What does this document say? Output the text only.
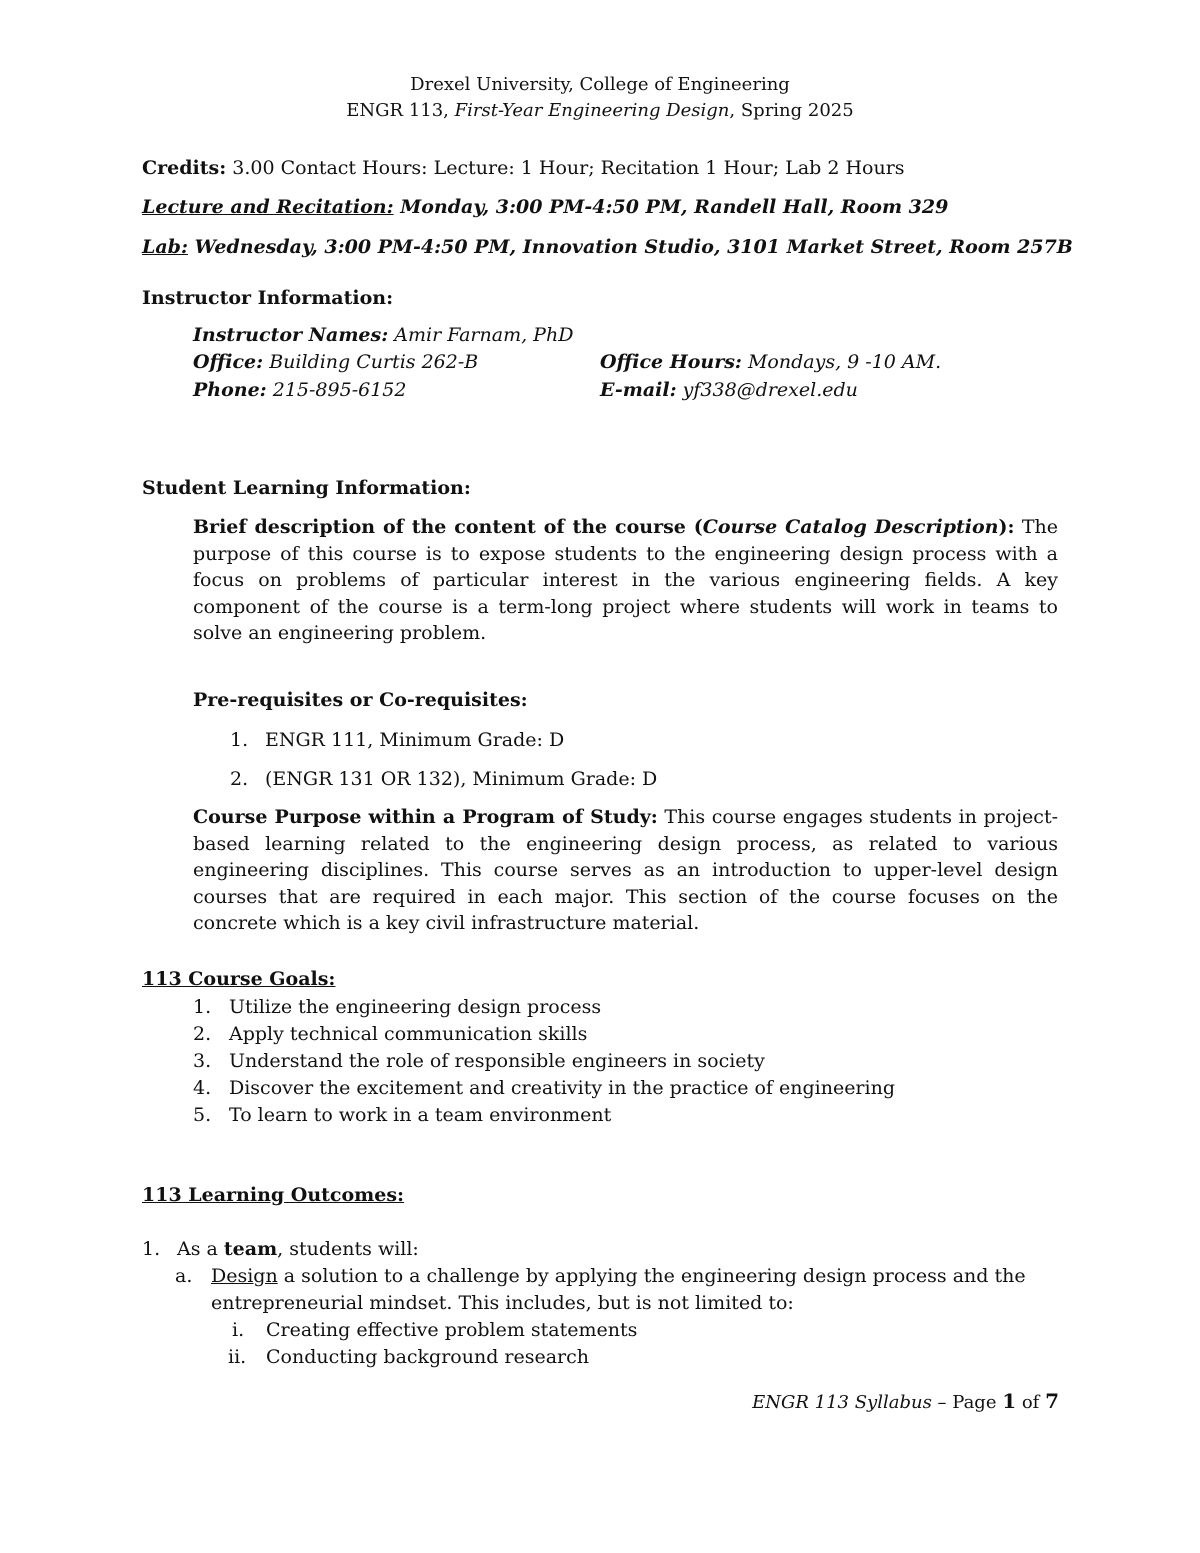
Drexel University, College of Engineering
ENGR 113, First-Year Engineering Design, Spring 2025
Credits: 3.00 Contact Hours: Lecture: 1 Hour; Recitation 1 Hour; Lab 2 Hours
Lecture and Recitation: Monday, 3:00 PM-4:50 PM, Randell Hall, Room 329
Lab: Wednesday, 3:00 PM-4:50 PM, Innovation Studio, 3101 Market Street, Room 257B
Instructor Information:
Instructor Names: Amir Farnam, PhD
Office: Building Curtis 262-B	Office Hours: Mondays, 9 -10 AM.
Phone: 215-895-6152	E-mail: yf338@drexel.edu
Student Learning Information:
Brief description of the content of the course (Course Catalog Description): The purpose of this course is to expose students to the engineering design process with a focus on problems of particular interest in the various engineering fields. A key component of the course is a term-long project where students will work in teams to solve an engineering problem.
Pre-requisites or Co-requisites:
1. ENGR 111, Minimum Grade: D
2. (ENGR 131 OR 132), Minimum Grade: D
Course Purpose within a Program of Study: This course engages students in project-based learning related to the engineering design process, as related to various engineering disciplines. This course serves as an introduction to upper-level design courses that are required in each major. This section of the course focuses on the concrete which is a key civil infrastructure material.
113 Course Goals:
1. Utilize the engineering design process
2. Apply technical communication skills
3. Understand the role of responsible engineers in society
4. Discover the excitement and creativity in the practice of engineering
5. To learn to work in a team environment
113 Learning Outcomes:
1. As a team, students will:
a. Design a solution to a challenge by applying the engineering design process and the
entrepreneurial mindset. This includes, but is not limited to:
i. Creating effective problem statements
ii. Conducting background research
ENGR 113 Syllabus – Page 1 of 7
